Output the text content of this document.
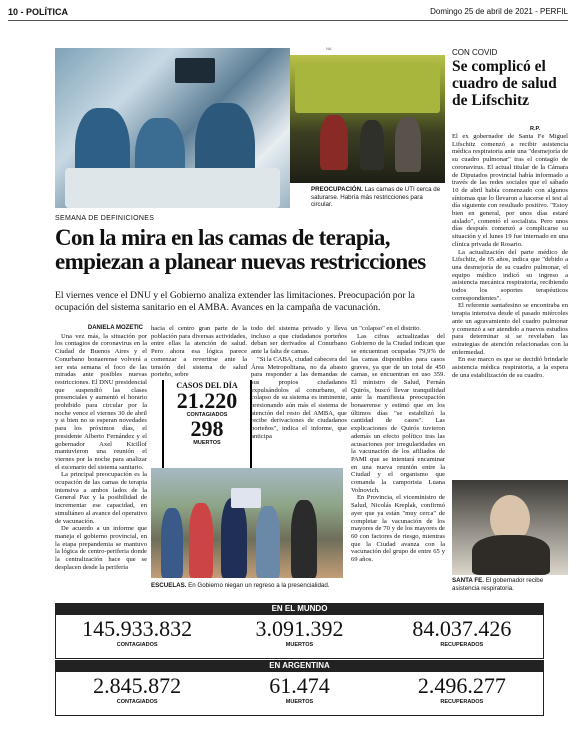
10 - POLÍTICA	Domingo 25 de abril de 2021 - PERFIL
NA
PREOCUPACIÓN. Las camas de UTI cerca de saturarse. Habría más restricciones para circular.
SEMANA DE DEFINICIONES
Con la mira en las camas de terapia, empiezan a planear nuevas restricciones
El viernes vence el DNU y el Gobierno analiza extender las limitaciones. Preocupación por la ocupación del sistema sanitario en el AMBA. Avances en la campaña de vacunación.
DANIELA MOZETIC

Una vez más, la situación por los contagios de coronavirus en la Ciudad de Buenos Aires y el Conurbano bonaerense volverá a ser esta semana el foco de las miradas ante posibles nuevas restricciones. El DNU presidencial que suspendió las clases presenciales y aumentó el horario prohibido para circular por la noche vence el viernes 30 de abril y si bien no se esperan novedades para los próximos días, el presidente Alberto Fernández y el gobernador Axel Kicillof mantuvieron una reunión el viernes por la noche para analizar el escenario del sistema sanitario.

La principal preocupación es la ocupación de las camas de terapia intensiva a ambos lados de la General Paz y la posibilidad de incrementar ese capacidad, en simultáneo al avance del operativo de vacunación.

De acuerdo a un informe que maneja el gobierno provincial, en la etapa prepandemia se mantuvo la lógica de centro-periferia donde la centralización hace que se desplacen desde la periferia

hacia el centro gran parte de la población para diversas actividades, entre ellas la atención de salud. Pero ahora esa lógica parece comenzar a revertirse ante la tensión del sistema de salud porteño, sobre

CASOS DEL DÍA
21.220
CONTAGIADOS
298
MUERTOS

todo del sistema privado y lleva incluso a que ciudadanos porteños deban ser derivados al Conurbano ante la falta de camas.

"Si la CABA, ciudad cabecera del Área Metropolitana, no da abasto para responder a las demandas de sus propios ciudadanos expulsándolos al conurbano, el colapso de su sistema es inminente, presionando aún más el sistema de atención del resto del AMBA, que recibe derivaciones de ciudadanos porteños", indica el informe, que anticipa

un "colapso" en el distrito.

Las cifras actualizadas del Gobierno de la Ciudad indican que se encuentran ocupadas 79,9% de las camas disponibles para casos graves, ya que de un total de 450 camas, se encuentran en uso 359. El ministro de Salud, Fernán Quirós, buscó llevar tranquilidad ante la manifiesta preocupación bonaerense y estimó que en los últimos días "se estabilizó la cantidad de casos". Las explicaciones de Quirós tuvieron además un efecto político tras las acusaciones por irregularidades en la vacunación de los afiliados de PAMI que se intentará encaminar en una nueva reunión entre la Ciudad y el organismo que comanda la camporista Luana Volnovich.

En Provincia, el viceministro de Salud, Nicolás Kreplak, confirmó ayer que ya están "muy cerca" de completar la vacunación de los mayores de 70 y de los mayores de 60 con factores de riesgo, mientras que la Ciudad avanza con la vacunación del grupo de entre 65 y 69 años.

ESCUELAS. En Gobierno niegan un regreso a la presencialidad.
CON COVID
Se complicó el cuadro de salud de Lifschitz
R.P.

El ex gobernador de Santa Fe Miguel Lifschitz comenzó a recibir asistencia médica respiratoria ante una "desmejoría de su cuadro pulmonar" tras el contagio de coronavirus. El actual titular de la Cámara de Diputados provincial había informado a través de las redes sociales que el sábado 10 de abril había comenzado con algunos síntomas que lo llevaron a hacerse el test al día siguiente con resultado positivo. "Estoy bien en general, por unos días estaré aislado", comentó el socialista. Pero unos días después comenzó a complicarse su situación y el lunes 19 fue internado en una clínica privada de Rosario.

La actualización del parte médico de Lifschitz, de 65 años, indica que "debido a una desmejoría de su cuadro pulmonar, el equipo médico indicó su ingreso a asistencia mecánica respiratoria, recibiendo todos los soportes terapéuticos correspondientes".

El referente santafesino se encontraba en terapia intensiva desde el pasado miércoles ante un agravamiento del cuadro pulmonar y comenzó a ser atendido a nuevos estudios para determinar si se revelaban las estrategias de atención relacionadas con la enfermedad.

En ese marco es que se decidió brindarle asistencia médica respiratoria, a la espera de una estabilización de su cuadro.

SANTA FE. El gobernador recibe asistencia respiratoria.
EN EL MUNDO
145.933.832
CONTAGIADOS
3.091.392
MUERTOS
84.037.426
RECUPERADOS
EN ARGENTINA
2.845.872
CONTAGIADOS
61.474
MUERTOS
2.496.277
RECUPERADOS
